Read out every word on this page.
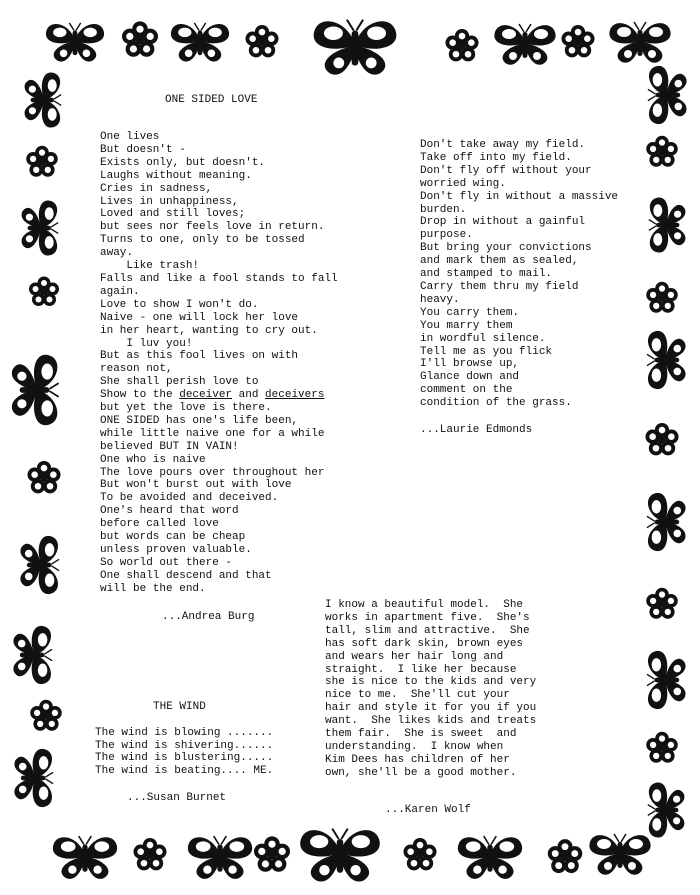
ONE SIDED LOVE
One lives
But doesn't -
Exists only, but doesn't.
Laughs without meaning.
Cries in sadness,
Lives in unhappiness,
Loved and still loves;
but sees nor feels love in return.
Turns to one, only to be tossed
away.
Like trash!
Falls and like a fool stands to fall
again.
Love to show I won't do.
Naive - one will lock her love
in her heart, wanting to cry out.
I luv you!
But as this fool lives on with
reason not,
She shall perish love to
Show to the deceiver and deceivers
but yet the love is there.
ONE SIDED has one's life been,
while little naive one for a while
believed BUT IN VAIN!
One who is naive
The love pours over throughout her
But won't burst out with love
To be avoided and deceived.
One's heard that word
before called love
but words can be cheap
unless proven valuable.
So world out there -
One shall descend and that
will be the end.
...Andrea Burg
Don't take away my field.
Take off into my field.
Don't fly off without your
worried wing.
Don't fly in without a massive
burden.
Drop in without a gainful
purpose.
But bring your convictions
and mark them as sealed,
and stamped to mail.
Carry them thru my field
heavy.
You carry them.
You marry them
in wordful silence.
Tell me as you flick
I'll browse up,
Glance down and
comment on the
condition of the grass.
...Laurie Edmonds
THE WIND
The wind is blowing .......
The wind is shivering......
The wind is blustering.....
The wind is beating.... ME.
...Susan Burnet
I know a beautiful model.  She
works in apartment five.  She's
tall, slim and attractive.  She
has soft dark skin, brown eyes
and wears her hair long and
straight.  I like her because
she is nice to the kids and very
nice to me.  She'll cut your
hair and style it for you if you
want.  She likes kids and treats
them fair.  She is sweet  and
understanding.  I know when
Kim Dees has children of her
own, she'll be a good mother.
...Karen Wolf
